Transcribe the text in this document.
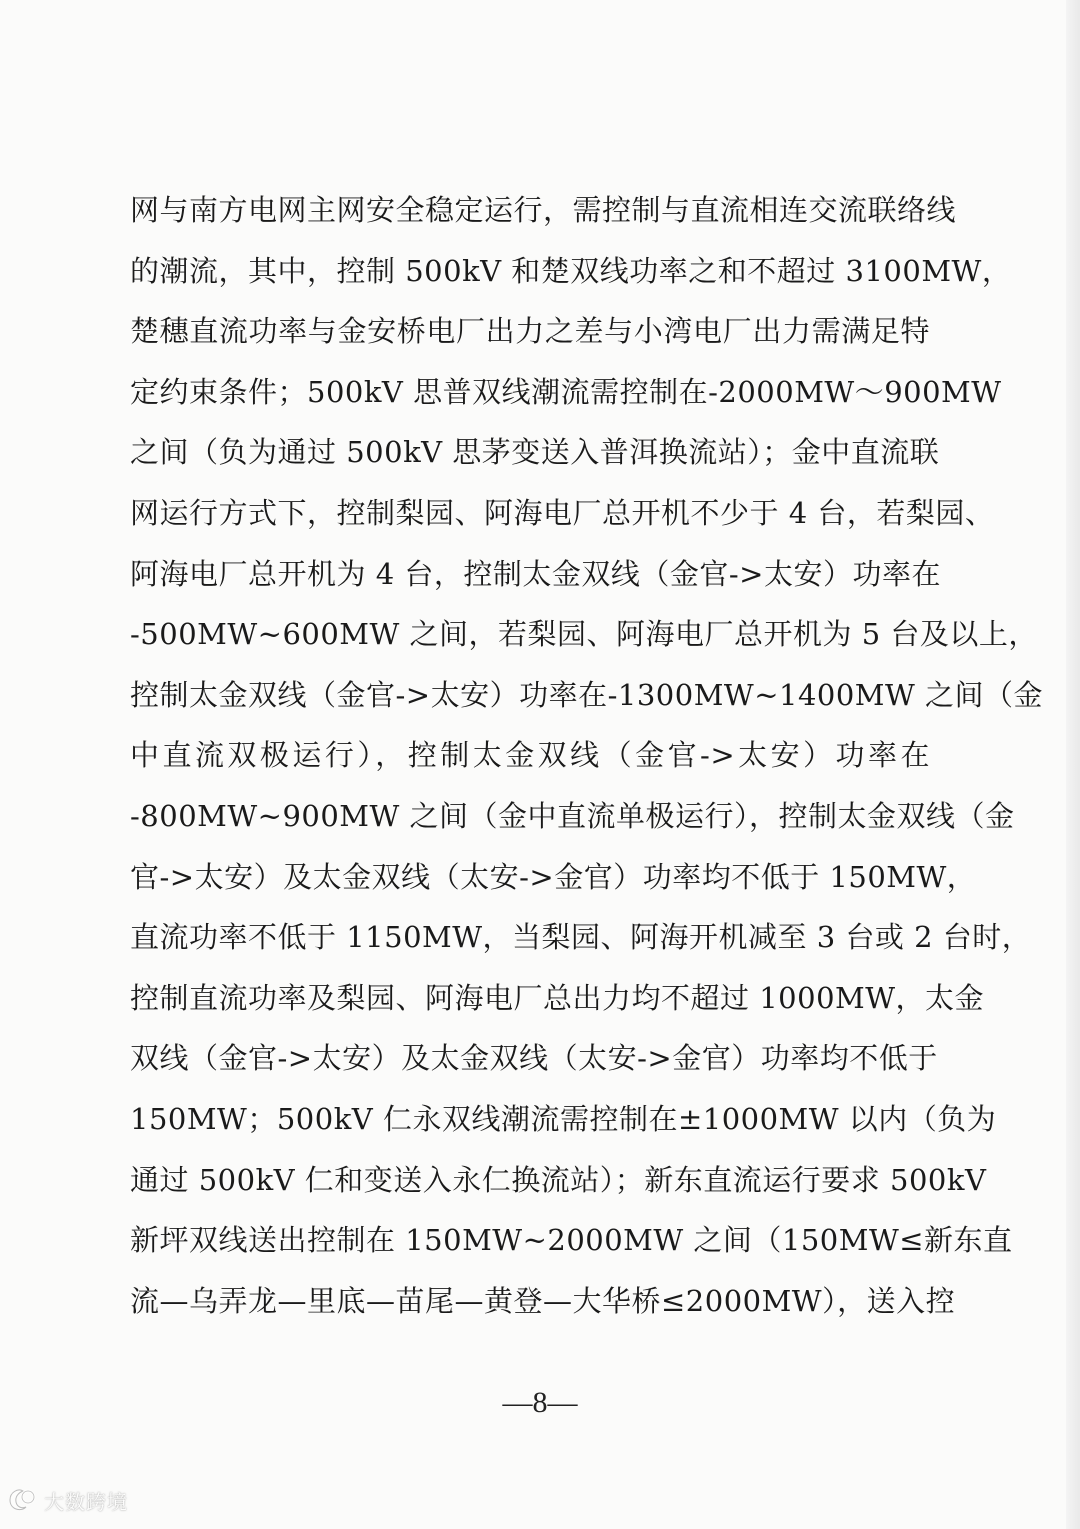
网与南方电网主网安全稳定运行，需控制与直流相连交流联络线
的潮流，其中，控制 500kV 和楚双线功率之和不超过 3100MW，
楚穗直流功率与金安桥电厂出力之差与小湾电厂出力需满足特
定约束条件；500kV 思普双线潮流需控制在-2000MW～900MW
之间（负为通过 500kV 思茅变送入普洱换流站）；金中直流联
网运行方式下，控制梨园、阿海电厂总开机不少于 4 台，若梨园、
阿海电厂总开机为 4 台，控制太金双线（金官->太安）功率在
-500MW~600MW 之间，若梨园、阿海电厂总开机为 5 台及以上，
控制太金双线（金官->太安）功率在-1300MW~1400MW 之间（金
中直流双极运行），控制太金双线（金官->太安）功率在
-800MW~900MW 之间（金中直流单极运行），控制太金双线（金
官->太安）及太金双线（太安->金官）功率均不低于 150MW，
直流功率不低于 1150MW，当梨园、阿海开机减至 3 台或 2 台时，
控制直流功率及梨园、阿海电厂总出力均不超过 1000MW，太金
双线（金官->太安）及太金双线（太安->金官）功率均不低于
150MW；500kV 仁永双线潮流需控制在±1000MW 以内（负为
通过 500kV 仁和变送入永仁换流站）；新东直流运行要求 500kV
新坪双线送出控制在 150MW~2000MW 之间（150MW≤新东直
流—乌弄龙—里底—苗尾—黄登—大华桥≤2000MW），送入控
—8—
大数跨境
